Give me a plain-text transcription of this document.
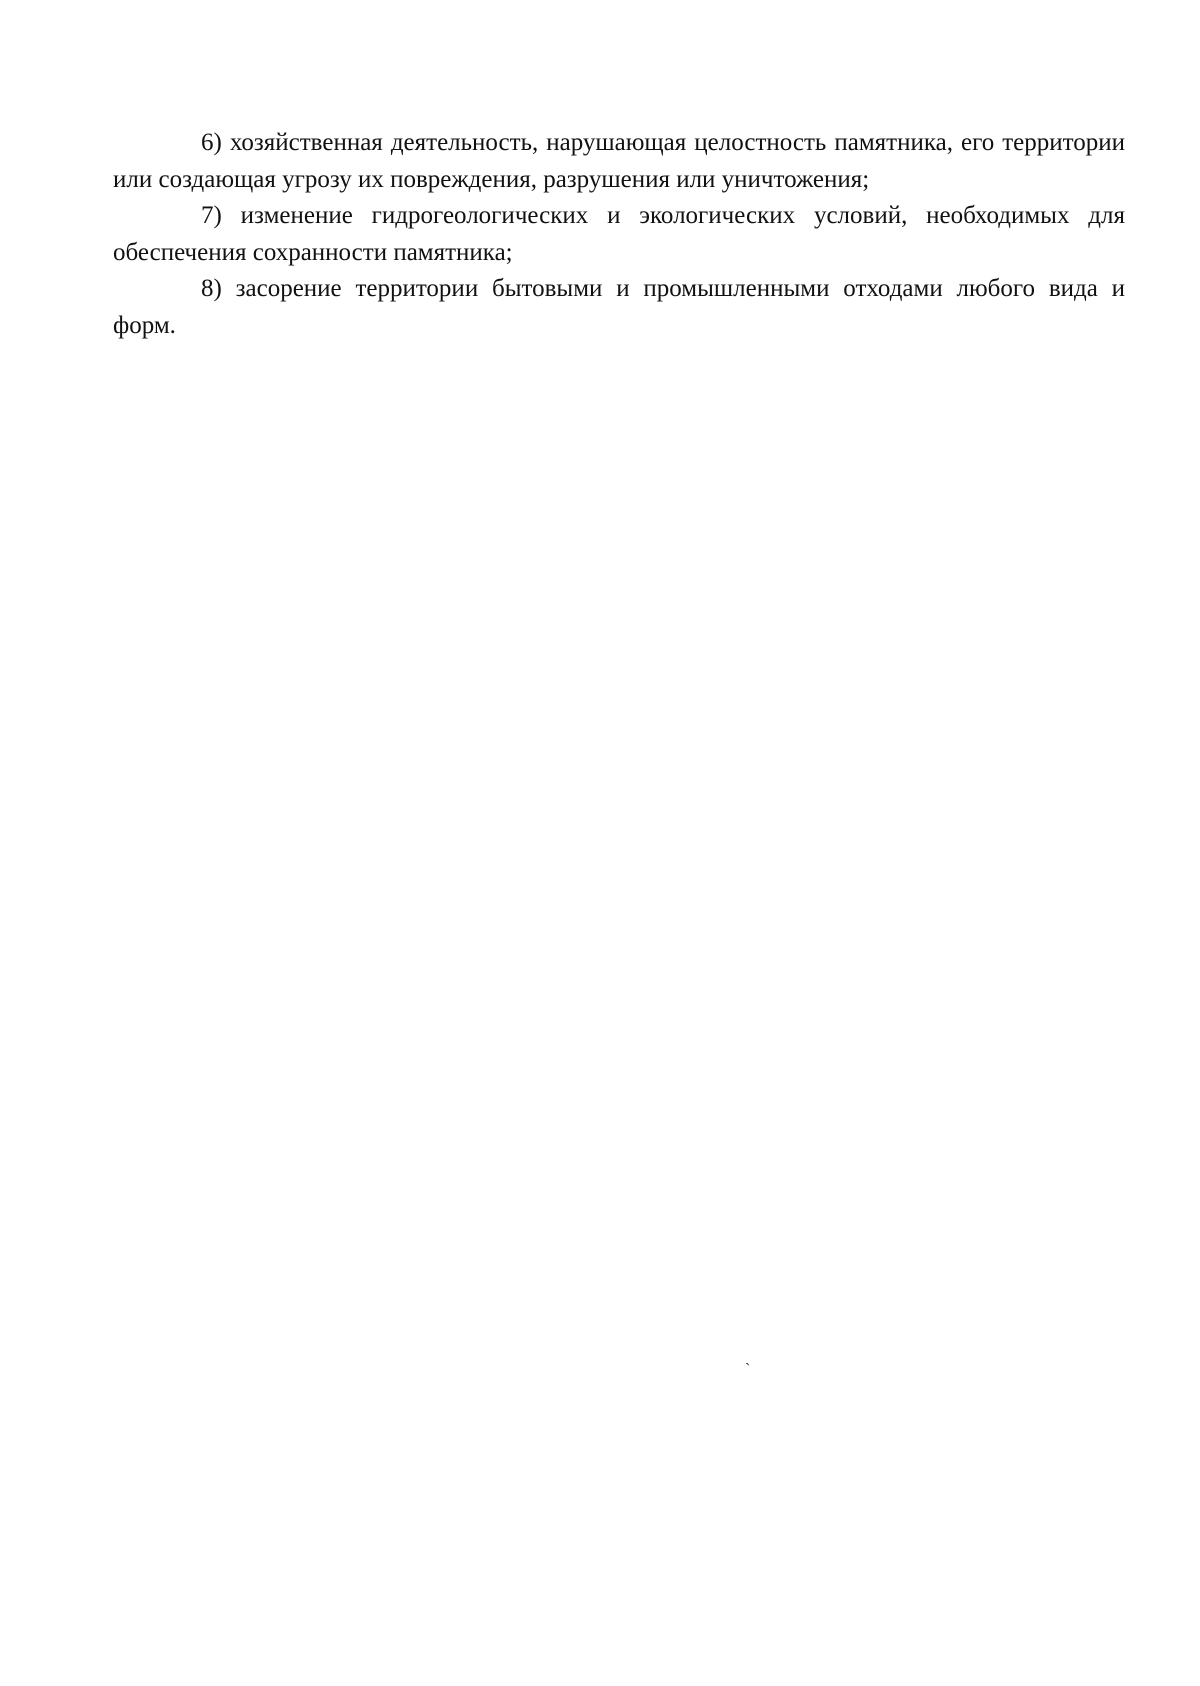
6) хозяйственная деятельность, нарушающая целостность памятника, его территории или создающая угрозу их повреждения, разрушения или уничтожения;

7) изменение гидрогеологических и экологических условий, необходимых для обеспечения сохранности памятника;

8) засорение территории бытовыми и промышленными отходами любого вида и форм.

`
